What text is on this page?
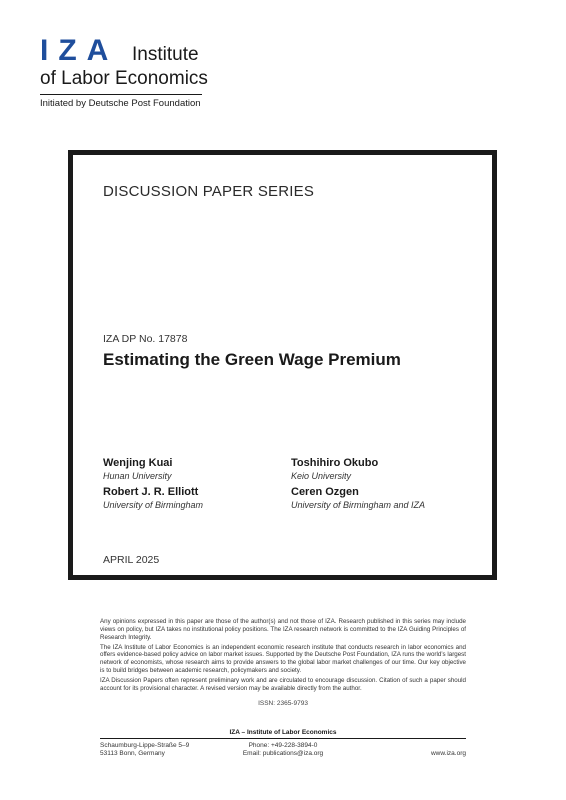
IZA Institute
of Labor Economics
Initiated by Deutsche Post Foundation
DISCUSSION PAPER SERIES
IZA DP No. 17878
Estimating the Green Wage Premium
Wenjing Kuai
Hunan University
Toshihiro Okubo
Keio University
Robert J. R. Elliott
University of Birmingham
Ceren Ozgen
University of Birmingham and IZA
APRIL 2025

Any opinions expressed in this paper are those of the author(s) and not those of IZA. Research published in this series may include views on policy, but IZA takes no institutional policy positions. The IZA research network is committed to the IZA Guiding Principles of Research Integrity.

The IZA Institute of Labor Economics is an independent economic research institute that conducts research in labor economics and offers evidence-based policy advice on labor market issues. Supported by the Deutsche Post Foundation, IZA runs the world’s largest network of economists, whose research aims to provide answers to the global labor market challenges of our time. Our key objective is to build bridges between academic research, policymakers and society.

IZA Discussion Papers often represent preliminary work and are circulated to encourage discussion. Citation of such a paper should account for its provisional character. A revised version may be available directly from the author.

ISSN: 2365-9793
IZA – Institute of Labor Economics
Schaumburg-Lippe-Straße 5–9
53113 Bonn, Germany
Phone: +49-228-3894-0
Email: publications@iza.org	www.iza.org
